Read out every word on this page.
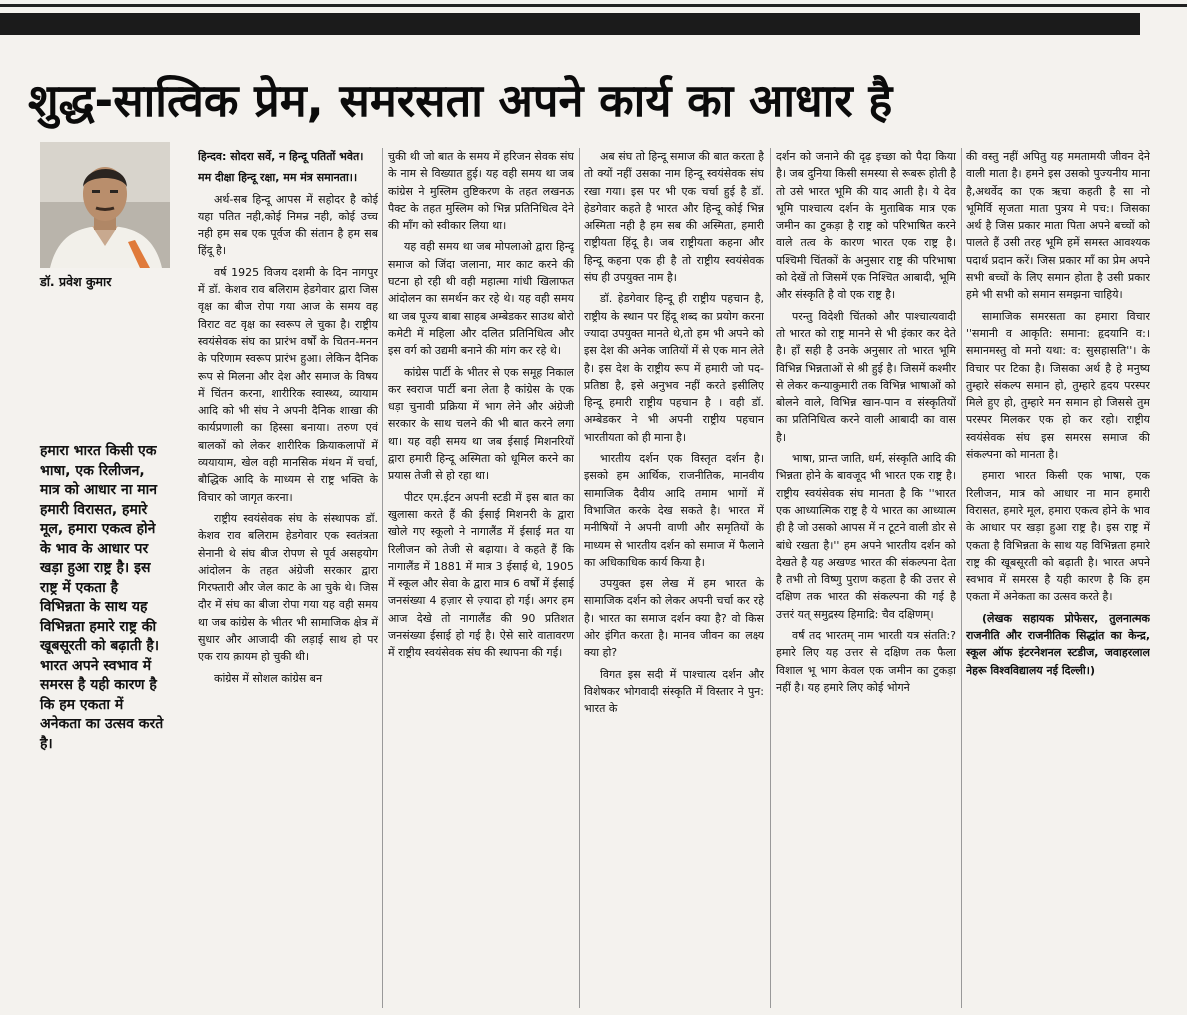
शुद्ध-सात्विक प्रेम, समरसता अपने कार्य का आधार है
डॉ. प्रवेश कुमार

हमारा भारत किसी एक भाषा, एक रिलीजन, मात्र को आधार ना मान हमारी विरासत, हमारे मूल, हमारा एकत्व होने के भाव के आधार पर खड़ा हुआ राष्ट्र है। इस राष्ट्र में एकता है विभिन्नता के साथ यह विभिन्नता हमारे राष्ट्र की खूबसूरती को बढ़ाती है। भारत अपने स्वभाव में समरस है यही कारण है कि हम एकता में अनेकता का उत्सव करते है।

हिन्दव: सोदरा सर्वे, न हिन्दू पतितों भवेत।

मम दीक्षा हिन्दू रक्षा, मम मंत्र समानता।।

अर्थ-सब हिन्दू आपस में सहोदर है कोई यहा पतित नही,कोई निमन्र नही, कोई उच्च नही हम सब एक पूर्वज की संतान है हम सब हिंदू है।

वर्ष 1925 विजय दशमी के दिन नागपुर में डॉ. केशव राव बलिराम हेडगेवार द्वारा जिस वृक्ष का बीज रोपा गया आज के समय वह विराट वट वृक्ष का स्वरूप ले चुका है। राष्ट्रीय स्वयंसेवक संघ का प्रारंभ वर्षों के चितन-मनन के परिणाम स्वरूप प्रारंभ हुआ। लेकिन दैनिक रूप से मिलना और देश और समाज के विषय में चिंतन करना, शारीरिक स्वास्थ्य, व्यायाम आदि को भी संघ ने अपनी दैनिक शाखा की कार्यप्रणाली का हिस्सा बनाया। तरुण एवं बालकों को लेकर शारीरिक क्रियाकलापों में व्ययायाम, खेल वही मानसिक मंथन में चर्चा, बौद्धिक आदि के माध्यम से राष्ट्र भक्ति के विचार को जागृत करना।

राष्ट्रीय स्वयंसेवक संघ के संस्थापक डॉ. केशव राव बलिराम हेडगेवार एक स्वतंत्रता सेनानी थे संघ बीज रोपण से पूर्व असहयोग आंदोलन के तहत अंग्रेजी सरकार द्वारा गिरफ्तारी और जेल काट के आ चुके थे। जिस दौर में संघ का बीजा रोपा गया यह वही समय था जब कांग्रेस के भीतर भी सामाजिक क्षेत्र में सुधार और आजादी की लड़ाई साथ हो पर एक राय क़ायम हो चुकी थी।

कांग्रेस में सोशल कांग्रेस बन

चुकी थी जो बात के समय में हरिजन सेवक संघ के नाम से विख्यात हुई। यह वही समय था जब कांग्रेस ने मुस्लिम तुष्टिकरण के तहत लखनऊ पैक्ट के तहत मुस्लिम को भिन्न प्रतिनिधित्व देने की माँग को स्वीकार लिया था।

यह वही समय था जब मोपलाओ द्वारा हिन्दू समाज को जिंदा जलाना, मार काट करने की घटना हो रही थी वही महात्मा गांधी खिलाफत आंदोलन का समर्थन कर रहे थे। यह वही समय था जब पूज्य बाबा साहब अम्बेडकर साउथ बोरो कमेटी में महिला और दलित प्रतिनिधित्व और इस वर्ग को उद्यमी बनाने की मांग कर रहे थे।

कांग्रेस पार्टी के भीतर से एक समूह निकाल कर स्वराज पार्टी बना लेता है कांग्रेस के एक धड़ा चुनावी प्रक्रिया में भाग लेने और अंग्रेजी सरकार के साथ चलने की भी बात करने लगा था। यह वही समय था जब ईसाई मिशनरियों द्वारा हमारी हिन्दू अस्मिता को धूमिल करने का प्रयास तेजी से हो रहा था।

पीटर एम.ईटन अपनी स्टडी में इस बात का खुलासा करते हैं की ईसाई मिशनरी के द्वारा खोले गए स्कूलो ने नागालैंड में ईसाई मत या रिलीजन को तेजी से बढ़ाया। वे कहते हैं कि नागालैंड में 1881 में मात्र 3 ईसाई थे, 1905 में स्कूल और सेवा के द्वारा मात्र 6 वर्षों में ईसाई जनसंख्या 4 हज़ार से ज़्यादा हो गई। अगर हम आज देखे तो नागालैंड की 90 प्रतिशत जनसंख्या ईसाई हो गई है। ऐसे सारे वातावरण में राष्ट्रीय स्वयंसेवक संघ की स्थापना की गई।

अब संघ तो हिन्दू समाज की बात करता है तो क्यों नहीं उसका नाम हिन्दू स्वयंसेवक संघ रखा गया। इस पर भी एक चर्चा हुई है डॉ. हेडगेवार कहते है भारत और हिन्दू कोई भिन्न अस्मिता नही है हम सब की अस्मिता, हमारी राष्ट्रीयता हिंदू है। जब राष्ट्रीयता कहना और हिन्दू कहना एक ही है तो राष्ट्रीय स्वयंसेवक संघ ही उपयुक्त नाम है।

डॉ. हेडगेवार हिन्दू ही राष्ट्रीय पहचान है, राष्ट्रीय के स्थान पर हिंदू शब्द का प्रयोग करना ज्यादा उपयुक्त मानते थे,तो हम भी अपने को इस देश की अनेक जातियों में से एक मान लेते है। इस देश के राष्ट्रीय रूप में हमारी जो पद-प्रतिष्ठा है, इसे अनुभव नहीं करते इसीलिए हिन्दू हमारी राष्ट्रीय पहचान है । वही डॉ. अम्बेडकर ने भी अपनी राष्ट्रीय पहचान भारतीयता को ही माना है।

भारतीय दर्शन एक विस्तृत दर्शन है। इसको हम आर्थिक, राजनीतिक, मानवीय सामाजिक दैवीय आदि तमाम भागों में विभाजित करके देख सकते है। भारत में मनीषियों ने अपनी वाणी और समृतियों के माध्यम से भारतीय दर्शन को समाज में फैलाने का अधिकाधिक कार्य किया है।

उपयुक्त इस लेख में हम भारत के सामाजिक दर्शन को लेकर अपनी चर्चा कर रहे है। भारत का समाज दर्शन क्या है? वो किस ओर इंगित करता है। मानव जीवन का लक्ष्य क्या हो?

विगत इस सदी में पाश्चात्य दर्शन और विशेषकर भोगवादी संस्कृति में विस्तार ने पुन: भारत के

दर्शन को जनाने की दृढ़ इच्छा को पैदा किया है। जब दुनिया किसी समस्या से रूबरू होती है तो उसे भारत भूमि की याद आती है। ये देव भूमि पाश्चात्य दर्शन के मुताबिक मात्र एक जमीन का टुकड़ा है राष्ट्र को परिभाषित करने वाले तत्व के कारण भारत एक राष्ट्र है। पश्चिमी चिंतकों के अनुसार राष्ट्र की परिभाषा को देखें तो जिसमें एक निश्चित आबादी, भूमि और संस्कृति है वो एक राष्ट्र है।

परन्तु विदेशी चिंतको और पाश्चात्यवादी तो भारत को राष्ट्र मानने से भी इंकार कर देते है। हाँ सही है उनके अनुसार तो भारत भूमि विभिन्न भिन्नताओं से श्री हुई है। जिसमें कश्मीर से लेकर कन्याकुमारी तक विभिन्न भाषाओं को बोलने वाले, विभिन्न खान-पान व संस्कृतियों का प्रतिनिधित्व करने वाली आबादी का वास है।

भाषा, प्रान्त जाति, धर्म, संस्कृति आदि की भिन्नता होने के बावजूद भी भारत एक राष्ट्र है। राष्ट्रीय स्वयंसेवक संघ मानता है कि ''भारत एक आध्यात्मिक राष्ट्र है ये भारत का आध्यात्म ही है जो उसको आपस में न टूटने वाली डोर से बांधे रखता है।'' हम अपने भारतीय दर्शन को देखते है यह अखण्ड भारत की संकल्पना देता है तभी तो विष्णु पुराण कहता है की उत्तर से दक्षिण तक भारत की संकल्पना की गई है उत्तरं यत् समुद्रस्य हिमाद्रि: चैव दक्षिणम्।

वर्षं तद भारतम् नाम भारती यत्र संतति:? हमारे लिए यह उत्तर से दक्षिण तक फैला विशाल भू भाग केवल एक जमीन का टुकड़ा नहीं है। यह हमारे लिए कोई भोगने

की वस्तु नहीं अपितु यह ममतामयी जीवन देने वाली माता है। हमने इस उसको पुज्यनीय माना है,अथर्वेद का एक ऋचा कहती है सा नो भूमिर्वि सृजता माता पुत्रय मे पच:। जिसका अर्थ है जिस प्रकार माता पिता अपने बच्चों को पालते हैं उसी तरह भूमि हमें समस्त आवश्यक पदार्थ प्रदान करें। जिस प्रकार माँ का प्रेम अपने सभी बच्चों के लिए समान होता है उसी प्रकार हमे भी सभी को समान समझना चाहिये।

सामाजिक समरसता का हमारा विचार ''समानी व आकृति: समाना: हृदयानि व:। समानमस्तु वो मनो यथा: व: सुसहासति''। के विचार पर टिका है। जिसका अर्थ है हे मनुष्य तुम्हारे संकल्प समान हो, तुम्हारे हृदय परस्पर मिले हुए हो, तुम्हारे मन समान हो जिससे तुम परस्पर मिलकर एक हो कर रहो। राष्ट्रीय स्वयंसेवक संघ इस समरस समाज की संकल्पना को मानता है।

हमारा भारत किसी एक भाषा, एक रिलीजन, मात्र को आधार ना मान हमारी विरासत, हमारे मूल, हमारा एकत्व होने के भाव के आधार पर खड़ा हुआ राष्ट्र है। इस राष्ट्र में एकता है विभिन्नता के साथ यह विभिन्नता हमारे राष्ट्र की खूबसूरती को बढ़ाती है। भारत अपने स्वभाव में समरस है यही कारण है कि हम एकता में अनेकता का उत्सव करते है।

(लेखक सहायक प्रोफेसर, तुलनात्मक राजनीति और राजनीतिक सिद्धांत का केन्द्र, स्कूल ऑफ इंटरनेशनल स्टडीज, जवाहरलाल नेहरू विश्वविद्यालय नई दिल्ली।)
